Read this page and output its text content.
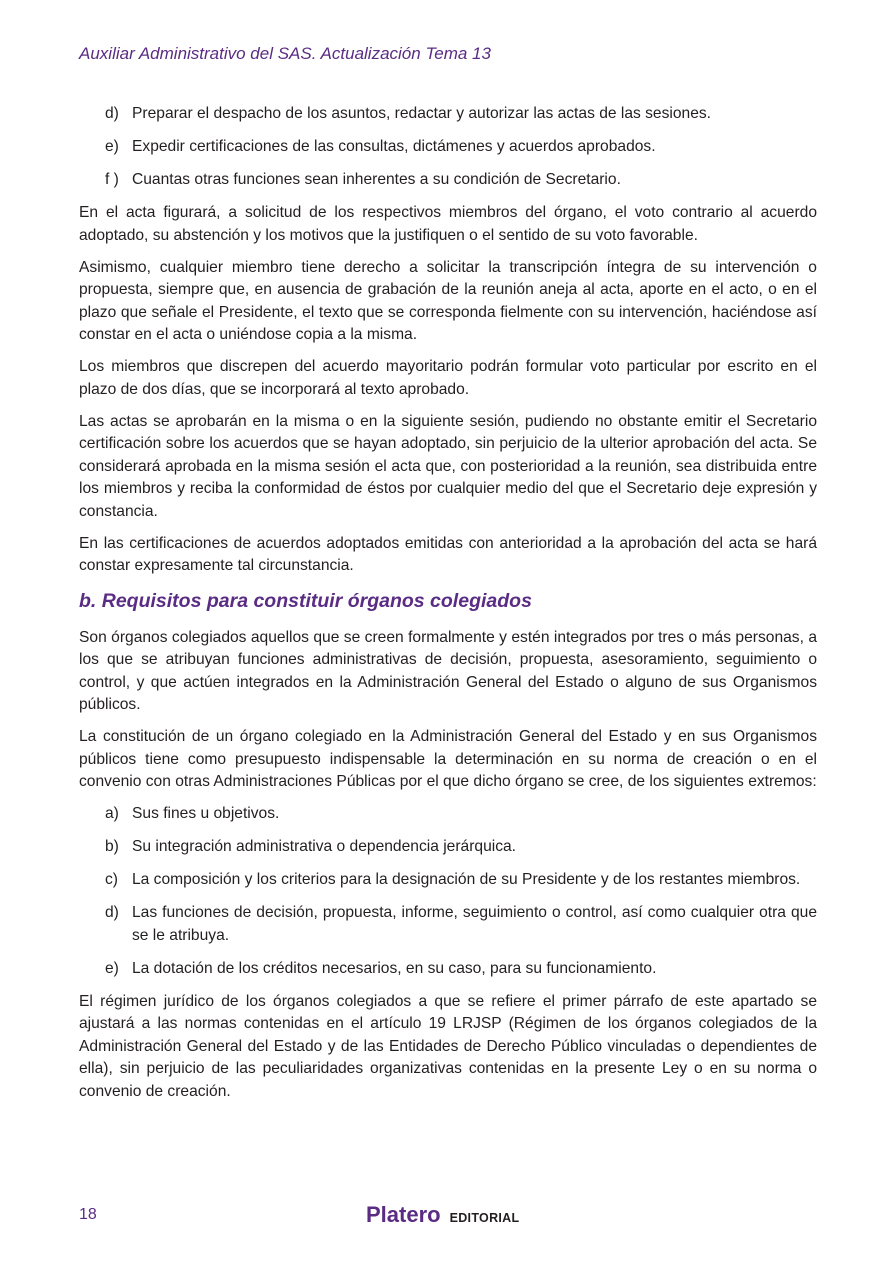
Auxiliar Administrativo del SAS. Actualización Tema 13
d) Preparar el despacho de los asuntos, redactar y autorizar las actas de las sesiones.
e) Expedir certificaciones de las consultas, dictámenes y acuerdos aprobados.
f ) Cuantas otras funciones sean inherentes a su condición de Secretario.

En el acta figurará, a solicitud de los respectivos miembros del órgano, el voto contrario al acuerdo adoptado, su abstención y los motivos que la justifiquen o el sentido de su voto favorable.

Asimismo, cualquier miembro tiene derecho a solicitar la transcripción íntegra de su intervención o propuesta, siempre que, en ausencia de grabación de la reunión aneja al acta, aporte en el acto, o en el plazo que señale el Presidente, el texto que se corresponda fielmente con su intervención, haciéndose así constar en el acta o uniéndose copia a la misma.

Los miembros que discrepen del acuerdo mayoritario podrán formular voto particular por escrito en el plazo de dos días, que se incorporará al texto aprobado.

Las actas se aprobarán en la misma o en la siguiente sesión, pudiendo no obstante emitir el Secretario certificación sobre los acuerdos que se hayan adoptado, sin perjuicio de la ulterior aprobación del acta. Se considerará aprobada en la misma sesión el acta que, con posterioridad a la reunión, sea distribuida entre los miembros y reciba la conformidad de éstos por cualquier medio del que el Secretario deje expresión y constancia.

En las certificaciones de acuerdos adoptados emitidas con anterioridad a la aprobación del acta se hará constar expresamente tal circunstancia.

b. Requisitos para constituir órganos colegiados

Son órganos colegiados aquellos que se creen formalmente y estén integrados por tres o más personas, a los que se atribuyan funciones administrativas de decisión, propuesta, asesoramiento, seguimiento o control, y que actúen integrados en la Administración General del Estado o alguno de sus Organismos públicos.

La constitución de un órgano colegiado en la Administración General del Estado y en sus Organismos públicos tiene como presupuesto indispensable la determinación en su norma de creación o en el convenio con otras Administraciones Públicas por el que dicho órgano se cree, de los siguientes extremos:

a) Sus fines u objetivos.
b) Su integración administrativa o dependencia jerárquica.
c) La composición y los criterios para la designación de su Presidente y de los restantes miembros.
d) Las funciones de decisión, propuesta, informe, seguimiento o control, así como cualquier otra que se le atribuya.
e) La dotación de los créditos necesarios, en su caso, para su funcionamiento.

El régimen jurídico de los órganos colegiados a que se refiere el primer párrafo de este apartado se ajustará a las normas contenidas en el artículo 19 LRJSP (Régimen de los órganos colegiados de la Administración General del Estado y de las Entidades de Derecho Público vinculadas o dependientes de ella), sin perjuicio de las peculiaridades organizativas contenidas en la presente Ley o en su norma o convenio de creación.

18	Platero EDITORIAL
